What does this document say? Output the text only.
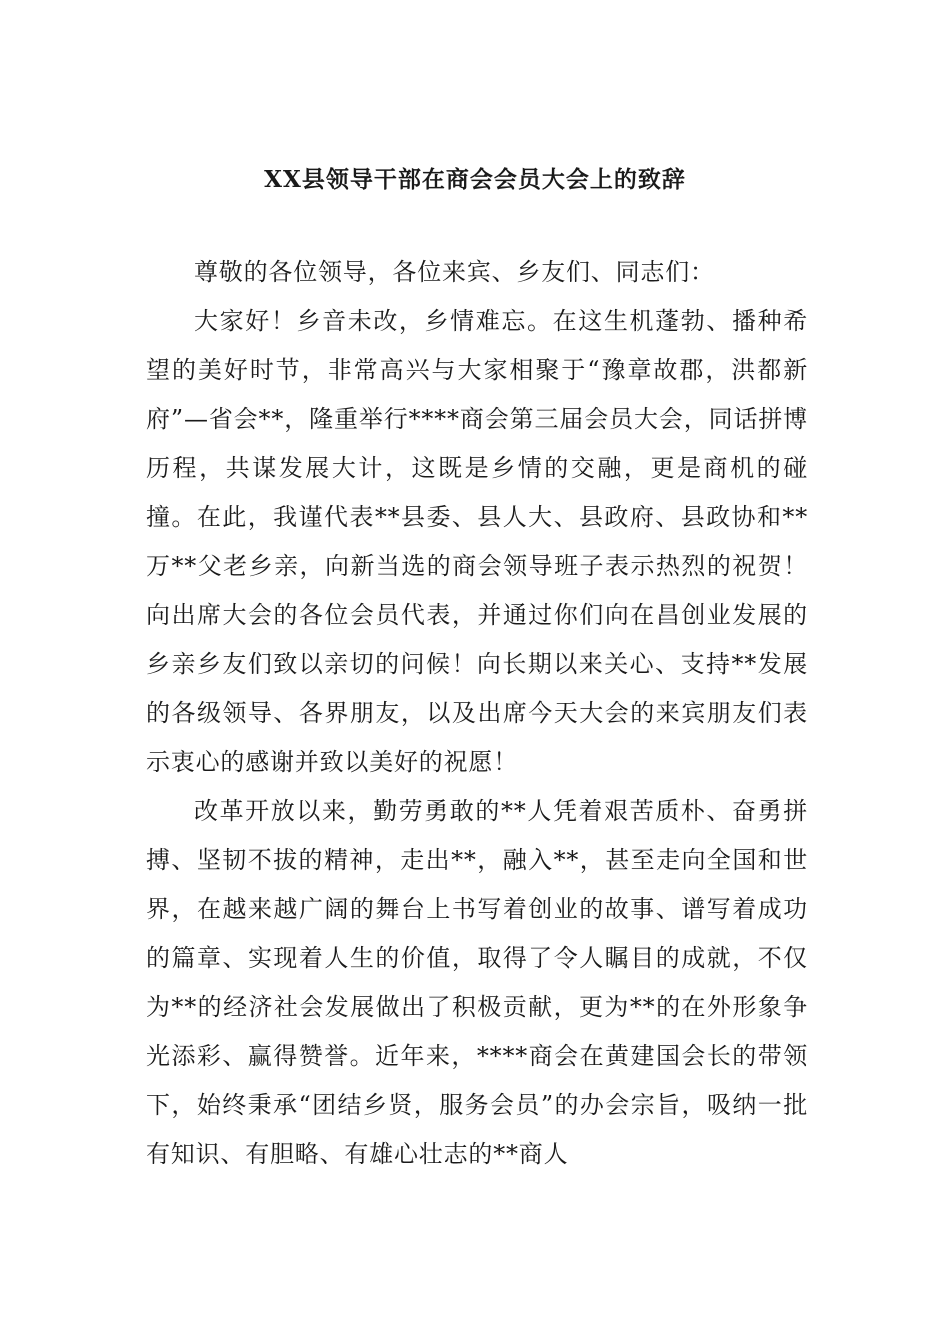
XX县领导干部在商会会员大会上的致辞

尊敬的各位领导，各位来宾、乡友们、同志们：

大家好！乡音未改，乡情难忘。在这生机蓬勃、播种希望的美好时节，非常高兴与大家相聚于“豫章故郡，洪都新府”—省会**，隆重举行****商会第三届会员大会，同话拼博历程，共谋发展大计，这既是乡情的交融，更是商机的碰撞。在此，我谨代表**县委、县人大、县政府、县政协和**万**父老乡亲，向新当选的商会领导班子表示热烈的祝贺！向出席大会的各位会员代表，并通过你们向在昌创业发展的乡亲乡友们致以亲切的问候！向长期以来关心、支持**发展的各级领导、各界朋友，以及出席今天大会的来宾朋友们表示衷心的感谢并致以美好的祝愿！

改革开放以来，勤劳勇敢的**人凭着艰苦质朴、奋勇拼搏、坚韧不拔的精神，走出**，融入**，甚至走向全国和世界，在越来越广阔的舞台上书写着创业的故事、谱写着成功的篇章、实现着人生的价值，取得了令人瞩目的成就，不仅为**的经济社会发展做出了积极贡献，更为**的在外形象争光添彩、赢得赞誉。近年来，****商会在黄建国会长的带领下，始终秉承“团结乡贤，服务会员”的办会宗旨，吸纳一批有知识、有胆略、有雄心壮志的**商人
